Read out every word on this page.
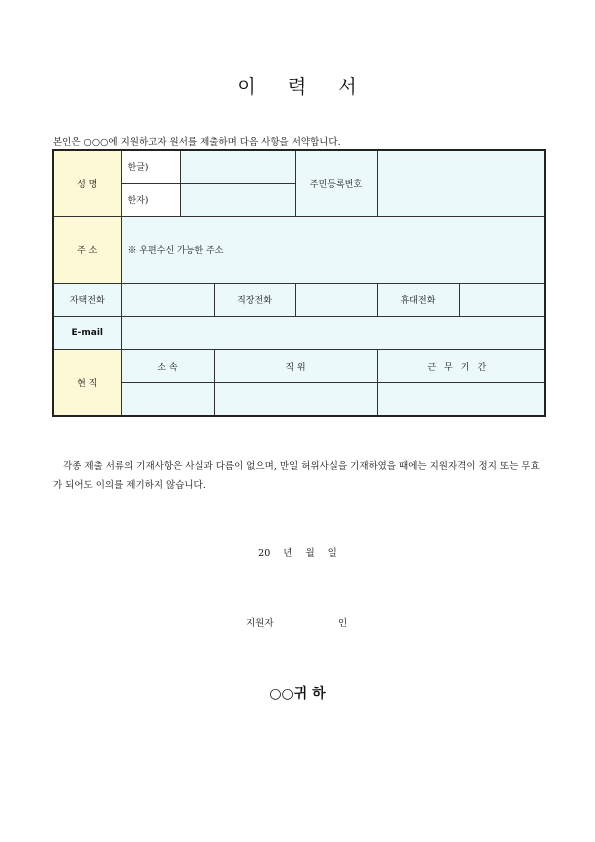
이 력 서
본인은 ○○○에 지원하고자 원서를 제출하며 다음 사항을 서약합니다.
성 명	한글)			주민등록번호		
	한자)					
주 소	※ 우편수신 가능한 주소					
자택전화			직장전화		휴대전화	
E-mail						
현 직	소 속		직 위		근무기간	

각종 제출 서류의 기재사항은 사실과 다름이 없으며, 만일 허위사실을 기재하였을 때에는 지원자격이 정지 또는 무효가 되어도 이의를 제기하지 않습니다.
20 년 월 일
지원자	인
○○귀 하
